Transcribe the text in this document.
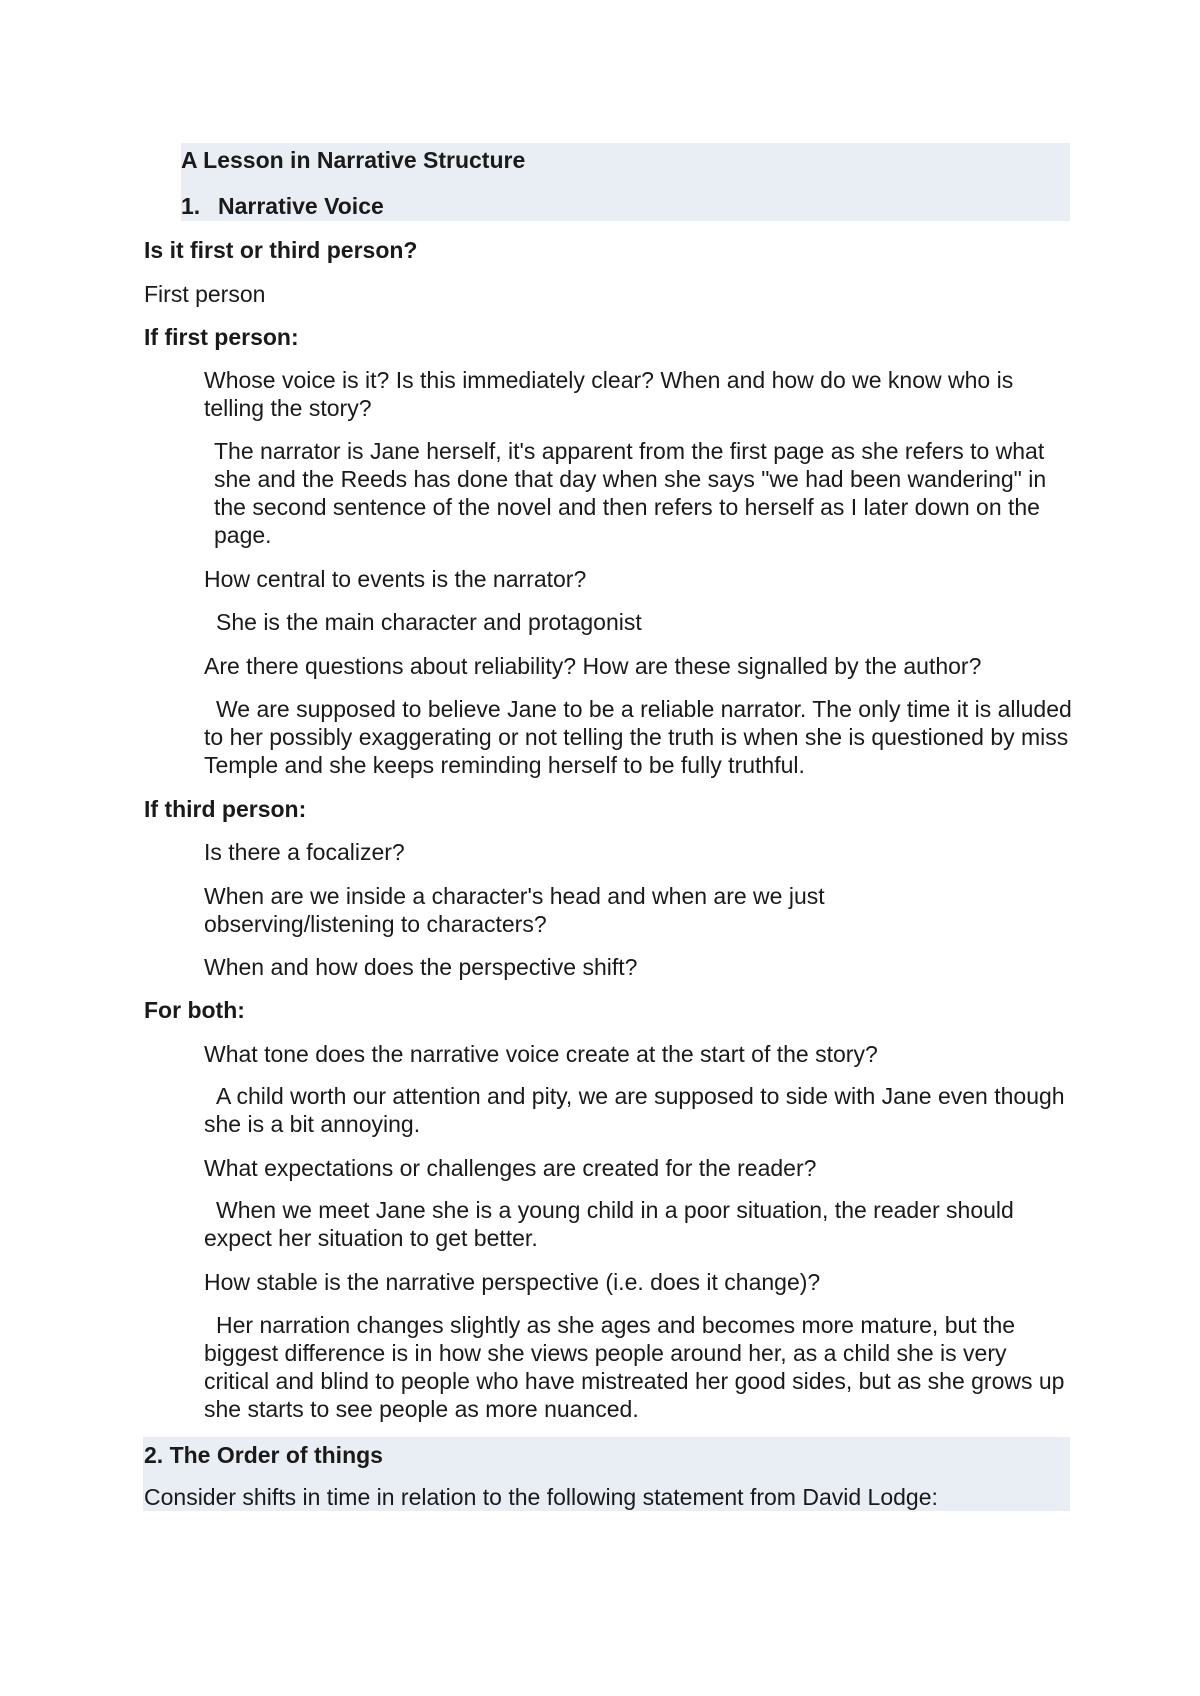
A Lesson in Narrative Structure

1. Narrative Voice

Is it first or third person?

First person

If first person:

Whose voice is it? Is this immediately clear? When and how do we know who is telling the story?

The narrator is Jane herself, it's apparent from the first page as she refers to what she and the Reeds has done that day when she says "we had been wandering" in the second sentence of the novel and then refers to herself as I later down on the page.

How central to events is the narrator?

She is the main character and protagonist

Are there questions about reliability? How are these signalled by the author?

We are supposed to believe Jane to be a reliable narrator. The only time it is alluded to her possibly exaggerating or not telling the truth is when she is questioned by miss Temple and she keeps reminding herself to be fully truthful.

If third person:

Is there a focalizer?

When are we inside a character's head and when are we just observing/listening to characters?

When and how does the perspective shift?

For both:

What tone does the narrative voice create at the start of the story?

A child worth our attention and pity, we are supposed to side with Jane even though she is a bit annoying.

What expectations or challenges are created for the reader?

When we meet Jane she is a young child in a poor situation, the reader should expect her situation to get better.

How stable is the narrative perspective (i.e. does it change)?

Her narration changes slightly as she ages and becomes more mature, but the biggest difference is in how she views people around her, as a child she is very critical and blind to people who have mistreated her good sides, but as she grows up she starts to see people as more nuanced.

2. The Order of things

Consider shifts in time in relation to the following statement from David Lodge:
